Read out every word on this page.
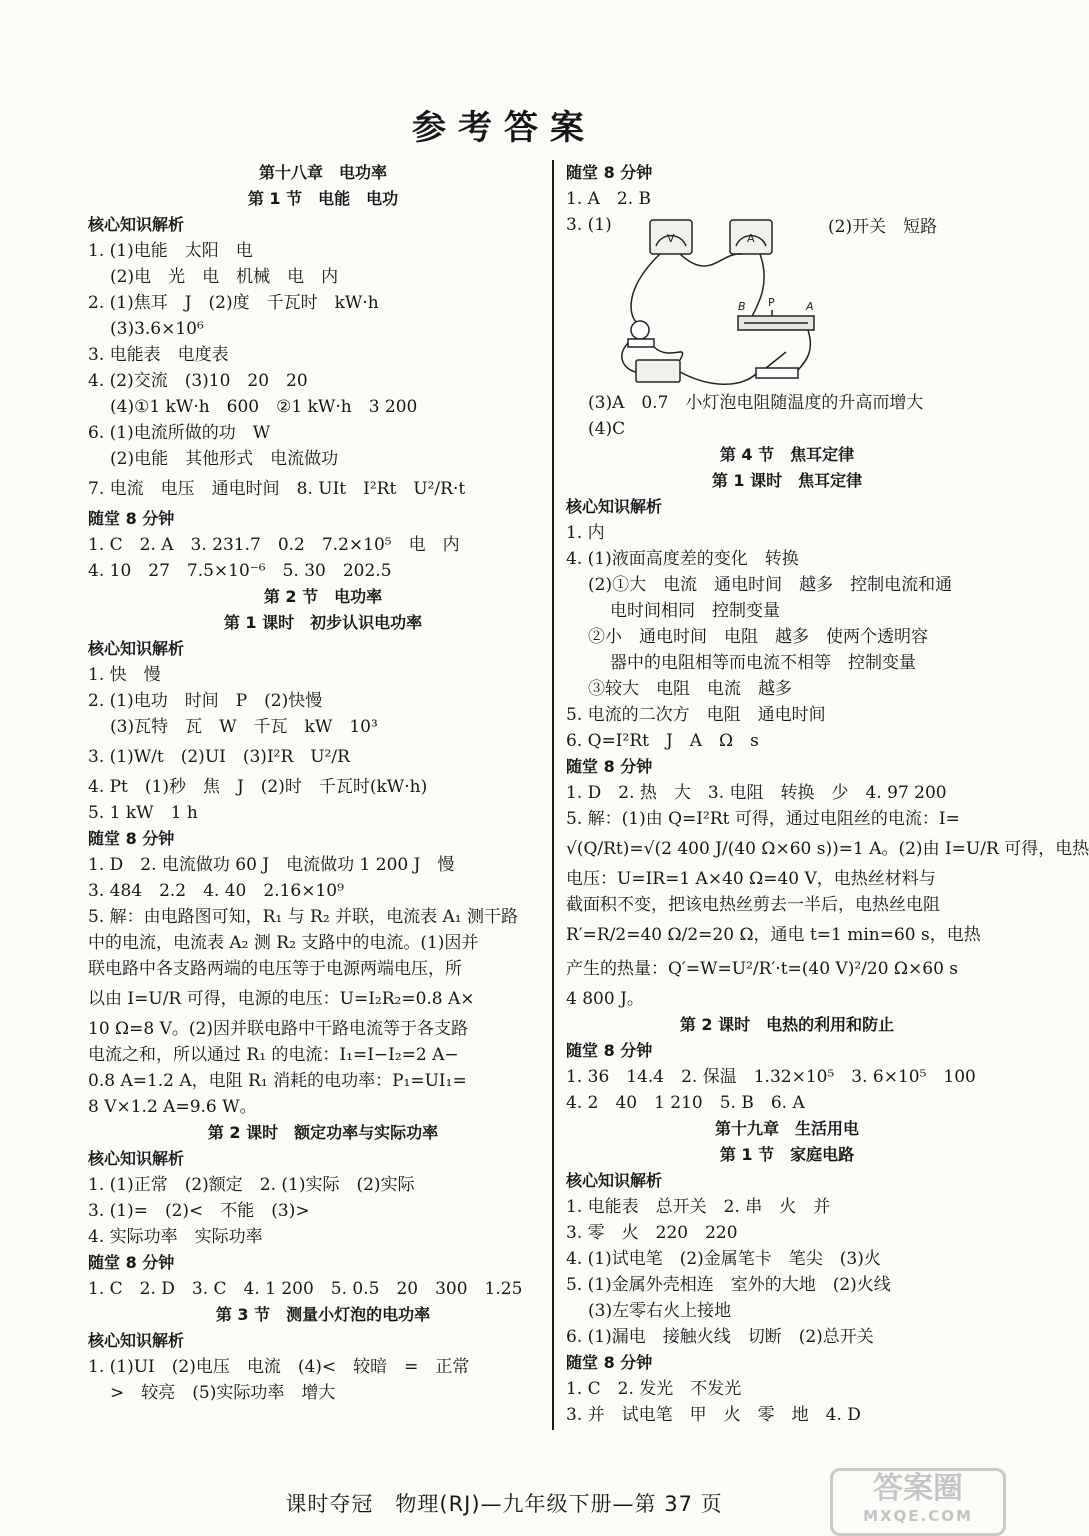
参考答案

第十八章　电功率

第 1 节　电能　电功

核心知识解析

1. (1)电能　太阳　电

(2)电　光　电　机械　电　内

2. (1)焦耳　J　(2)度　千瓦时　kW·h

(3)3.6×10⁶

3. 电能表　电度表

4. (2)交流　(3)10　20　20

(4)①1 kW·h　600　②1 kW·h　3 200

6. (1)电流所做的功　W

(2)电能　其他形式　电流做功

7. 电流　电压　通电时间　8. UIt　I²Rt　U²/R·t

随堂 8 分钟

1. C　2. A　3. 231.7　0.2　7.2×10⁵　电　内

4. 10　27　7.5×10⁻⁶　5. 30　202.5

第 2 节　电功率

第 1 课时　初步认识电功率

核心知识解析

1. 快　慢

2. (1)电功　时间　P　(2)快慢

(3)瓦特　瓦　W　千瓦　kW　10³

3. (1)W/t　(2)UI　(3)I²R　U²/R

4. Pt　(1)秒　焦　J　(2)时　千瓦时(kW·h)

5. 1 kW　1 h

随堂 8 分钟

1. D　2. 电流做功 60 J　电流做功 1 200 J　慢

3. 484　2.2　4. 40　2.16×10⁹

5. 解：由电路图可知，R₁ 与 R₂ 并联，电流表 A₁ 测干路

中的电流，电流表 A₂ 测 R₂ 支路中的电流。(1)因并

联电路中各支路两端的电压等于电源两端电压，所

以由 I=U/R 可得，电源的电压：U=I₂R₂=0.8 A×

10 Ω=8 V。(2)因并联电路中干路电流等于各支路

电流之和，所以通过 R₁ 的电流：I₁=I−I₂=2 A−

0.8 A=1.2 A，电阻 R₁ 消耗的电功率：P₁=UI₁=

8 V×1.2 A=9.6 W。

第 2 课时　额定功率与实际功率

核心知识解析

1. (1)正常　(2)额定　2. (1)实际　(2)实际

3. (1)=　(2)<　不能　(3)>

4. 实际功率　实际功率

随堂 8 分钟

1. C　2. D　3. C　4. 1 200　5. 0.5　20　300　1.25

第 3 节　测量小灯泡的电功率

核心知识解析

1. (1)UI　(2)电压　电流　(4)<　较暗　=　正常

>　较亮　(5)实际功率　增大

随堂 8 分钟

1. A　2. B

3. (1)	(2)开关　短路
V	A
B P	A

(3)A　0.7　小灯泡电阻随温度的升高而增大

(4)C

第 4 节　焦耳定律

第 1 课时　焦耳定律

核心知识解析

1. 内

4. (1)液面高度差的变化　转换

(2)①大　电流　通电时间　越多　控制电流和通

电时间相同　控制变量

②小　通电时间　电阻　越多　使两个透明容

器中的电阻相等而电流不相等　控制变量

③较大　电阻　电流　越多

5. 电流的二次方　电阻　通电时间

6. Q=I²Rt　J　A　Ω　s

随堂 8 分钟

1. D　2. 热　大　3. 电阻　转换　少　4. 97 200

5. 解：(1)由 Q=I²Rt 可得，通过电阻丝的电流：I=

√(Q/Rt)=√(2 400 J/(40 Ω×60 s))=1 A。(2)由 I=U/R 可得，电热

电压：U=IR=1 A×40 Ω=40 V，电热丝材料与

截面积不变，把该电热丝剪去一半后，电热丝电阻

R′=R/2=40 Ω/2=20 Ω，通电 t=1 min=60 s，电热

产生的热量：Q′=W=U²/R′·t=(40 V)²/20 Ω×60 s

4 800 J。

第 2 课时　电热的利用和防止

随堂 8 分钟

1. 36　14.4　2. 保温　1.32×10⁵　3. 6×10⁵　100

4. 2　40　1 210　5. B　6. A

第十九章　生活用电

第 1 节　家庭电路

核心知识解析

1. 电能表　总开关　2. 串　火　并

3. 零　火　220　220

4. (1)试电笔　(2)金属笔卡　笔尖　(3)火

5. (1)金属外壳相连　室外的大地　(2)火线

(3)左零右火上接地

6. (1)漏电　接触火线　切断　(2)总开关

随堂 8 分钟

1. C　2. 发光　不发光

3. 并　试电笔　甲　火　零　地　4. D

课时夺冠　物理(RJ)—九年级下册—第 37 页	答案圈
MXQE.COM
